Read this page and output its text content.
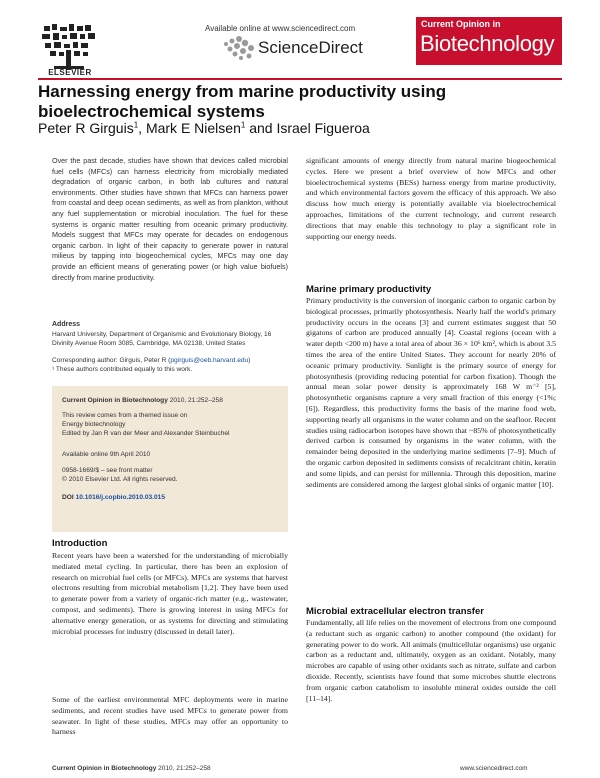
ELSEVIER
Available online at www.sciencedirect.com
ScienceDirect
Current Opinion in
Biotechnology
Harnessing energy from marine productivity using bioelectrochemical systems
Peter R Girguis$^1$, Mark E Nielsen$^1$ and Israel Figueroa
Over the past decade, studies have shown that devices called microbial fuel cells (MFCs) can harness electricity from microbially mediated degradation of organic carbon, in both lab cultures and natural environments. Other studies have shown that MFCs can harness power from coastal and deep ocean sediments, as well as from plankton, without any fuel supplementation or microbial inoculation. The fuel for these systems is organic matter resulting from oceanic primary productivity. Models suggest that MFCs may operate for decades on endogenous organic carbon. In light of their capacity to generate power in natural milieus by tapping into biogeochemical cycles, MFCs may one day provide an efficient means of generating power (or high value biofuels) directly from marine productivity.
Address
Harvard University, Department of Organismic and Evolutionary Biology, 16 Divinity Avenue Room 3085, Cambridge, MA 02138, United States
Corresponding author: Girguis, Peter R (pgirguis@oeb.harvard.edu)
¹ These authors contributed equally to this work.
Current Opinion in Biotechnology 2010, 21:252–258
This review comes from a themed issue on
Energy biotechnology
Edited by Jan R van der Meer and Alexander Steinbuchel
Available online 9th April 2010
0958-1669/$ – see front matter
© 2010 Elsevier Ltd. All rights reserved.
DOI 10.1016/j.copbio.2010.03.015
Introduction

Recent years have been a watershed for the understanding of microbially mediated metal cycling. In particular, there has been an explosion of research on microbial fuel cells (or MFCs). MFCs are systems that harvest electrons resulting from microbial metabolism [1,2]. They have been used to generate power from a variety of organic-rich matter (e.g., wastewater, compost, and sediments). There is growing interest in using MFCs for alternative energy generation, or as systems for directing and stimulating microbial processes for industry (discussed in detail later).

Some of the earliest environmental MFC deployments were in marine sediments, and recent studies have used MFCs to generate power from seawater. In light of these studies, MFCs may offer an opportunity to harness

significant amounts of energy directly from natural marine biogeochemical cycles. Here we present a brief overview of how MFCs and other bioelectrochemical systems (BESs) harness energy from marine productivity, and which environmental factors govern the efficacy of this approach. We also discuss how much energy is potentially available via bioelectrochemical approaches, limitations of the current technology, and current research directions that may enable this technology to play a significant role in supporting our energy needs.

Marine primary productivity

Primary productivity is the conversion of inorganic carbon to organic carbon by biological processes, primarily photosynthesis. Nearly half the world's primary productivity occurs in the oceans [3] and current estimates suggest that 50 gigatons of carbon are produced annually [4]. Coastal regions (ocean with a water depth <200 m) have a total area of about 36 × 10⁶ km², which is about 3.5 times the area of the entire United States. They account for nearly 20% of oceanic primary productivity. Sunlight is the primary source of energy for photosynthesis (providing reducing potential for carbon fixation). Though the annual mean solar power density is approximately 168 W m⁻² [5], photosynthetic organisms capture a very small fraction of this energy (<1%; [6]). Regardless, this productivity forms the basis of the marine food web, supporting nearly all organisms in the water column and on the seafloor. Recent studies using radiocarbon isotopes have shown that ~85% of photosynthetically derived carbon is consumed by organisms in the water column, with the remainder being deposited in the underlying marine sediments [7–9]. Much of the organic carbon deposited in sediments consists of recalcitrant chitin, keratin and some lipids, and can persist for millennia. Through this deposition, marine sediments are considered among the largest global sinks of organic matter [10].

Microbial extracellular electron transfer

Fundamentally, all life relies on the movement of electrons from one compound (a reductant such as organic carbon) to another compound (the oxidant) for generating power to do work. All animals (multicellular organisms) use organic carbon as a reductant and, ultimately, oxygen as an oxidant. Notably, many microbes are capable of using other oxidants such as nitrate, sulfate and carbon dioxide. Recently, scientists have found that some microbes shuttle electrons from organic carbon catabolism to insoluble mineral oxides outside the cell [11–14].

Current Opinion in Biotechnology 2010, 21:252–258	www.sciencedirect.com
